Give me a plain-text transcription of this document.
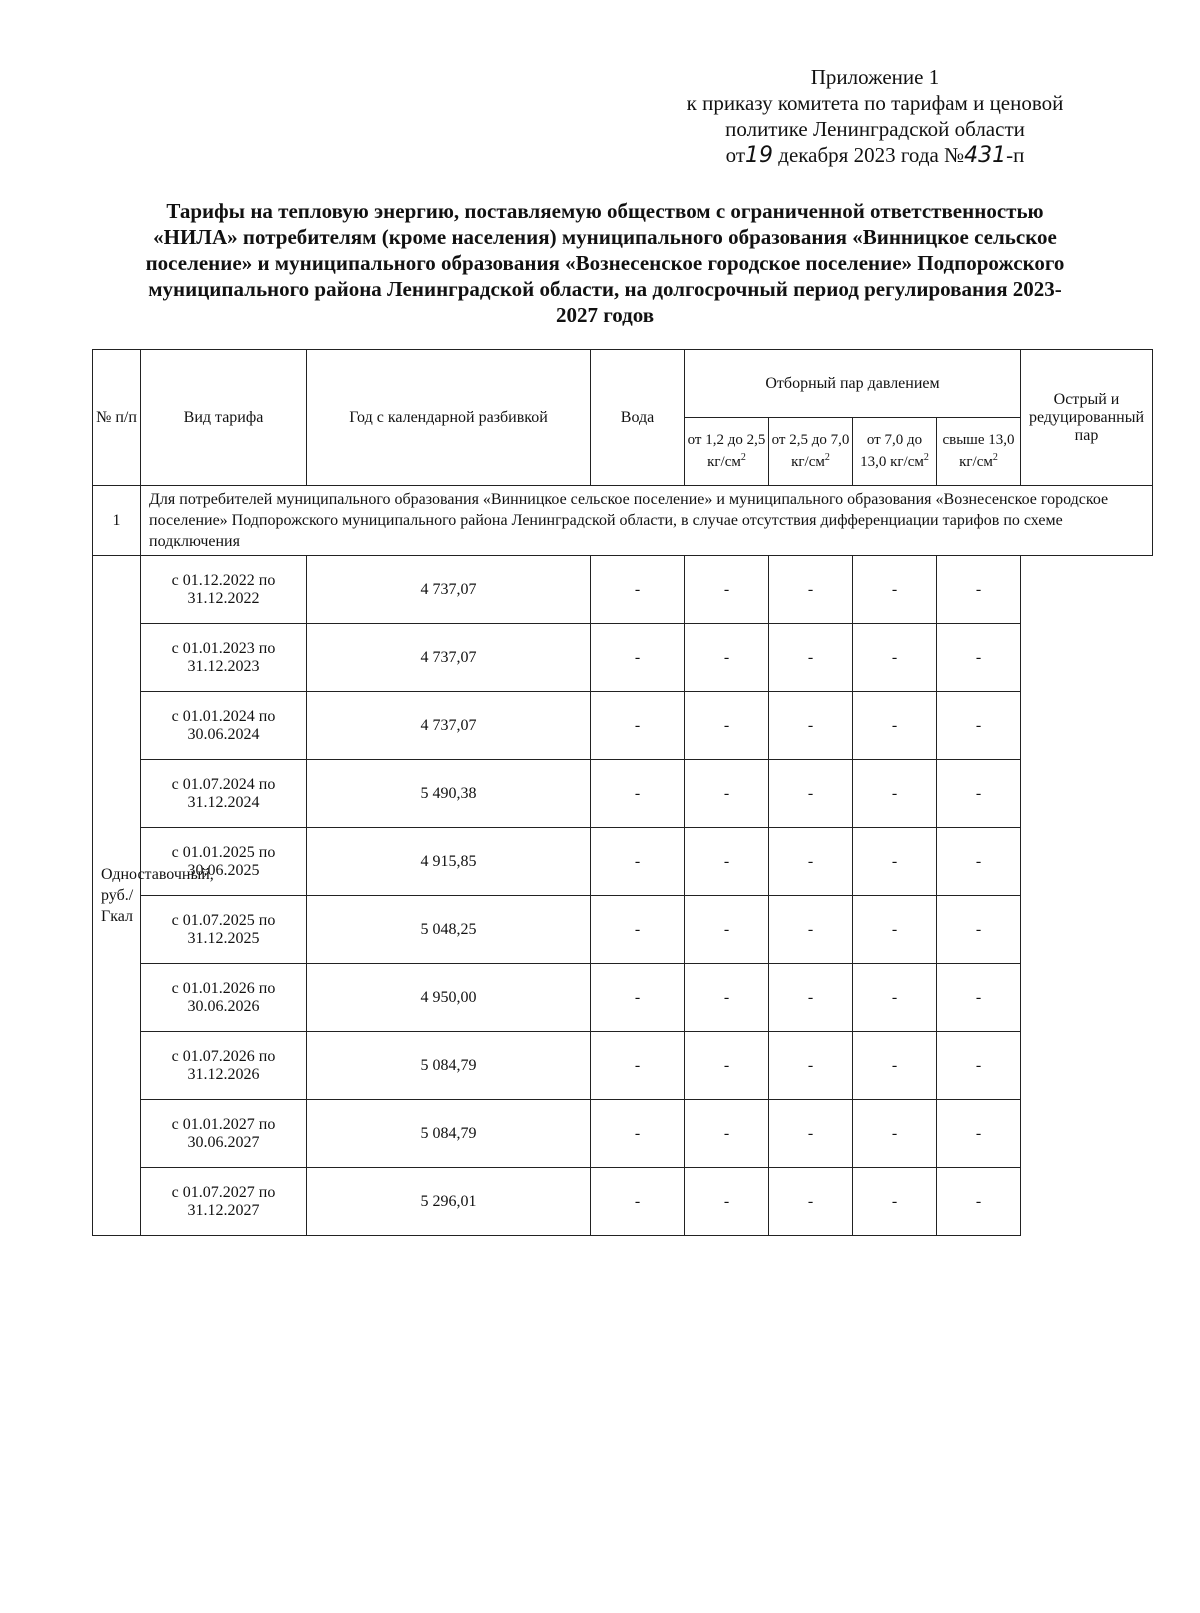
Приложение 1
к приказу комитета по тарифам и ценовой
политике Ленинградской области
от19 декабря 2023 года №431-п
Тарифы на тепловую энергию, поставляемую обществом с ограниченной ответственностью «НИЛА» потребителям (кроме населения) муниципального образования «Винницкое сельское поселение» и муниципального образования «Вознесенское городское поселение» Подпорожского муниципального района Ленинградской области, на долгосрочный период регулирования 2023-2027 годов
№ п/п	Вид тарифа	Год с календарной разбивкой	Вода	Отборный пар давлением				Острый и редуцированный пар
				от 1,2 до 2,5 $кг/см^2$	от 2,5 до 7,0 $кг/см^2$	от 7,0 до 13,0 $кг/см^2$	свыше 13,0 $кг/см^2$
1	Для потребителей муниципального образования «Винницкое сельское поселение» и муниципального образования «Вознесенское городское поселение» Подпорожского муниципального района Ленинградской области, в случае отсутствия дифференциации тарифов по схеме подключения							
Одноставочный, руб./Гкал	с 01.12.2022 по 31.12.2022	4 737,07	-	-	-	-	-	
	с 01.01.2023 по 31.12.2023	4 737,07	-	-	-	-	-	
	с 01.01.2024 по 30.06.2024	4 737,07	-	-	-	-	-	
	с 01.07.2024 по 31.12.2024	5 490,38	-	-	-	-	-	
	с 01.01.2025 по 30.06.2025	4 915,85	-	-	-	-	-	
	с 01.07.2025 по 31.12.2025	5 048,25	-	-	-	-	-	
	с 01.01.2026 по 30.06.2026	4 950,00	-	-	-	-	-	
	с 01.07.2026 по 31.12.2026	5 084,79	-	-	-	-	-	
	с 01.01.2027 по 30.06.2027	5 084,79	-	-	-	-	-	
	с 01.07.2027 по 31.12.2027	5 296,01	-	-	-	-	-	
